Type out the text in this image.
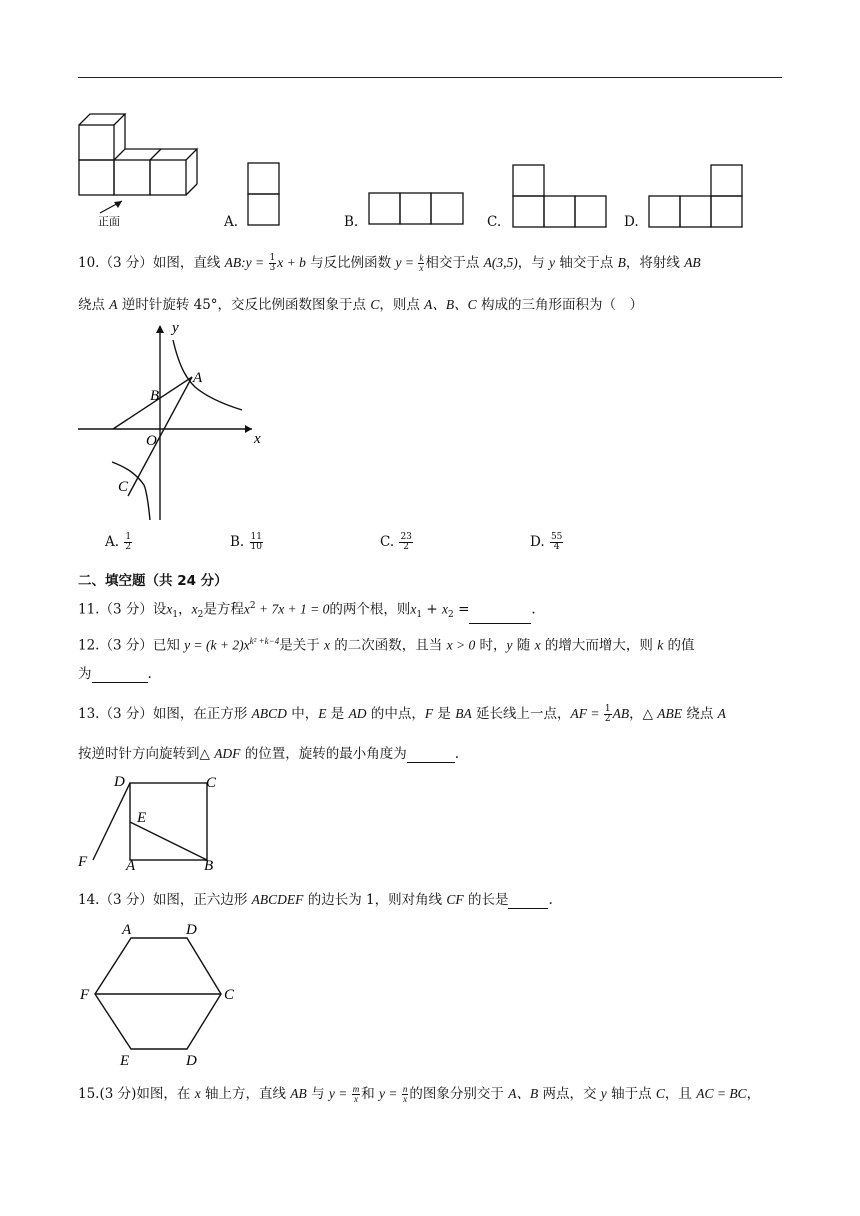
正面	A.	B.	C.	D.
10.（3 分）如图，直线 AB:y = $\frac{1}{3}$ x + b 与反比例函数 $y = \frac{k}{x}$ 相交于点 A(3,5)，与 y 轴交于点 B，将射线 AB
绕点 A 逆时针旋转 45°，交反比例函数图象于点 C，则点 A、B、C 构成的三角形面积为（　）
y
x
O
A
B
C
A. $\frac{1}{2}$	B. $\frac{11}{10}$	C. $\frac{23}{2}$	D. $\frac{55}{4}$
二、填空题（共 24 分）
11.（3 分）设$x_1$，$x_2$是方程$x^2 + 7x + 1 = 0$的两个根，则$x_1 + x_2$ =	.
12.（3 分）已知 $y = (k + 2)x^{k^2 +k-4}$是关于 x 的二次函数，且当 x > 0 时，y 随 x 的增大而增大，则 k 的值
为	.
13.（3 分）如图，在正方形 ABCD 中，E 是 AD 的中点，F 是 BA 延长线上一点，AF = $\frac{1}{2}$ AB，△ ABE 绕点 A
按逆时针方向旋转到△ ADF 的位置，旋转的最小角度为	.
D	C
E
F	A	B
14.（3 分）如图，正六边形 ABCDEF 的边长为 1，则对角线 CF 的长是	.
A	D
F	C
E	D
15.(3 分)如图，在 x 轴上方，直线 AB 与 $y = \frac{m}{x}$ 和 $y = \frac{n}{x}$ 的图象分别交于 A、B 两点，交 y 轴于点 C，且 AC = BC，
